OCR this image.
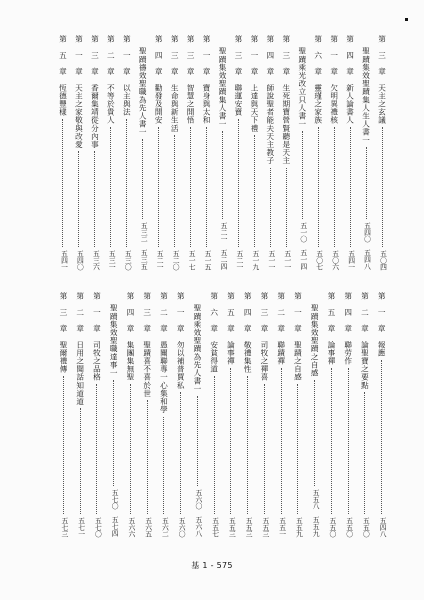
第　三　章　天主之玄議
五〇四
聖蹟集效聖蹟集人生人書一
五四〇　五四八
第　四　章　新人論書人
五四一
第　一　章　欠明異禮核
五〇六
第　六　章　靈瑾之家族
五〇七
聖蹟乘光改立只人書一
五一〇　五一四
第　三　章　生死期寶營賢聽是天主
五一一
第　四　章　師說聖者能夫天主教子
五一一
第　一　章　上達與天下禮
五一九
第　三　章　聯運安賣
五二一
聖蹟集效聖蹟集人書一
五二一　五二四
第　一　章　寶身與太和
五一五
第　三　章　智慧之開悟
五一七
第　三　章　生命與新生活
五二〇
第　四　章　勸發及開安
五二一
聖蹟禱效聖職為先人書一
五三二　五三五
第　一　章　以主與法
五三〇
第　二　章　不等於貴人
五三一
第　三　章　香爾集靖從分內事
五三六
第　一　章　天主之家敬與改愛
五四〇
第　五　章　恆德豐樣
五四一
第　一　章　報應
五四八
第　二　章　論聖寶之要點
五五〇
第　四　章　聯劳作
五五〇
第　五　章　論事禪
五五〇
聖蹟集效聖蹟之自感
五五八　五五九
第　一　章　聖蹟之自感
五五九
第　二　章　聯蹟禪
五五一
第　三　章　司牧之禪喜
五五三
第　四　章　敬禮集性
五五三
第　五　章　論事禪
五五三
第　六　章　安貧得道
五五七
聖蹟乘效聖蹟為先人書一
五六〇　五六八
第　一　章　勿以補普賈私
五六〇
第　二　章　愚關聯專一心集和學
五六二
第　三　章　聖蹟喜不喜於世
五六五
第　四　章　集團集無聖
五六六
聖蹟集效聖職達事一
五七〇　五七四
第　一　章　司牧之品格
五七〇
第　二　章　日用之聞話知道道
五七一
第　三　章　聖爾禮傳
五七三
基 1 - 575
